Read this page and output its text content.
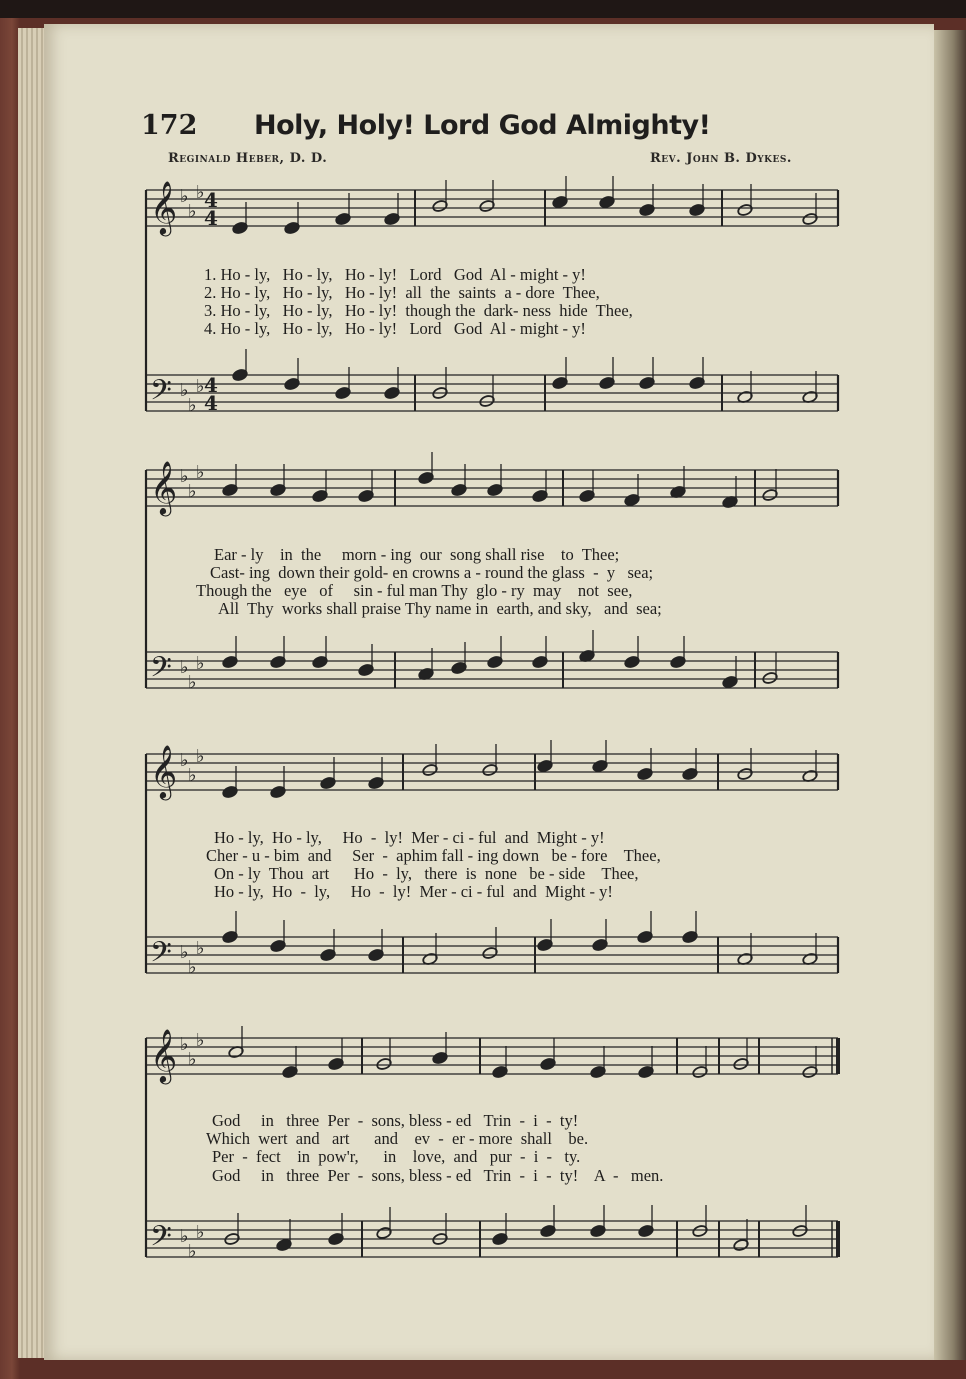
172 Holy, Holy! Lord God Almighty!
Reginald Heber, D. D.	Rev. John B. Dykes.
𝄞 ♭
♭
♭ 4
4
𝄢 ♭
♭
♭ 4
4
𝄞 ♭
♭
♭
𝄢 ♭
♭
♭
𝄞 ♭
♭
♭
𝄢 ♭
♭
♭
𝄞 ♭
♭
♭
𝄢 ♭
♭
♭
1. Ho - ly,   Ho - ly,   Ho - ly!   Lord   God  Al - might - y!
2. Ho - ly,   Ho - ly,   Ho - ly!  all  the  saints  a - dore  Thee,
3. Ho - ly,   Ho - ly,   Ho - ly!  though the  dark- ness  hide  Thee,
4. Ho - ly,   Ho - ly,   Ho - ly!   Lord   God  Al - might - y!
Ear - ly    in  the     morn - ing  our  song shall rise    to  Thee;
Cast- ing  down their gold- en crowns a - round the glass  -  y   sea;
Though the   eye   of     sin - ful man Thy  glo - ry  may    not  see,
All  Thy  works shall praise Thy name in  earth, and sky,   and  sea;
Ho - ly,  Ho - ly,     Ho  -  ly!  Mer - ci - ful  and  Might - y!
Cher - u - bim  and     Ser  -  aphim fall - ing down   be - fore    Thee,
On - ly  Thou  art      Ho  -  ly,   there  is  none   be - side    Thee,
Ho - ly,  Ho  -  ly,     Ho  -  ly!  Mer - ci - ful  and  Might - y!
God     in   three  Per  -  sons, bless - ed   Trin  -  i  -  ty!
Which  wert  and   art      and    ev  -  er - more  shall    be.
Per  -  fect    in  pow'r,      in    love,  and   pur  -  i  -   ty.
God     in   three  Per  -  sons, bless - ed   Trin  -  i  -  ty!    A  -   men.
